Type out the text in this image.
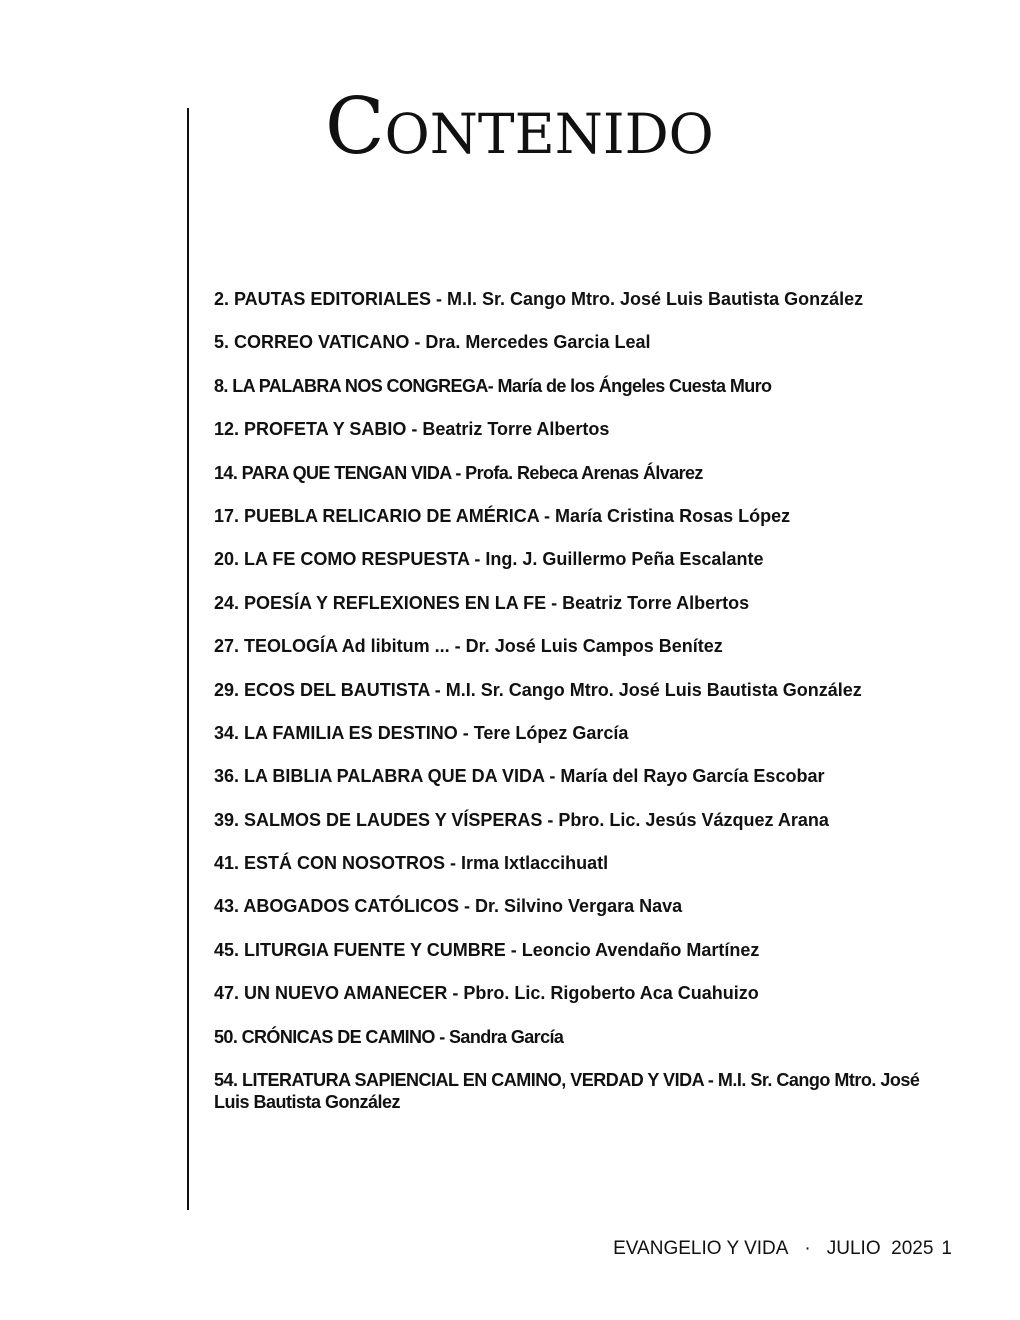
Contenido
2. PAUTAS EDITORIALES - M.I. Sr. Cango Mtro. José Luis Bautista González
5. CORREO VATICANO - Dra. Mercedes Garcia Leal
8. LA PALABRA NOS CONGREGA- María de los Ángeles Cuesta Muro
12. PROFETA Y SABIO - Beatriz Torre Albertos
14. PARA QUE TENGAN VIDA - Profa. Rebeca Arenas Álvarez
17. PUEBLA RELICARIO DE AMÉRICA - María Cristina Rosas López
20. LA FE COMO RESPUESTA - Ing. J. Guillermo Peña Escalante
24. POESÍA Y REFLEXIONES EN LA FE - Beatriz Torre Albertos
27. TEOLOGÍA Ad libitum ... - Dr. José Luis Campos Benítez
29. ECOS DEL BAUTISTA - M.I. Sr. Cango Mtro. José Luis Bautista González
34. LA FAMILIA ES DESTINO - Tere López García
36. LA BIBLIA PALABRA QUE DA VIDA - María del Rayo García Escobar
39. SALMOS DE LAUDES Y VÍSPERAS - Pbro. Lic. Jesús Vázquez Arana
41. ESTÁ CON NOSOTROS - Irma Ixtlaccihuatl
43. ABOGADOS CATÓLICOS - Dr. Silvino Vergara Nava
45. LITURGIA FUENTE Y CUMBRE - Leoncio Avendaño Martínez
47. UN NUEVO AMANECER - Pbro. Lic. Rigoberto Aca Cuahuizo
50. CRÓNICAS DE CAMINO - Sandra García
54. LITERATURA SAPIENCIAL EN CAMINO, VERDAD Y VIDA - M.I. Sr. Cango Mtro. José Luis Bautista González
EVANGELIO Y VIDA · JULIO  2025 1
